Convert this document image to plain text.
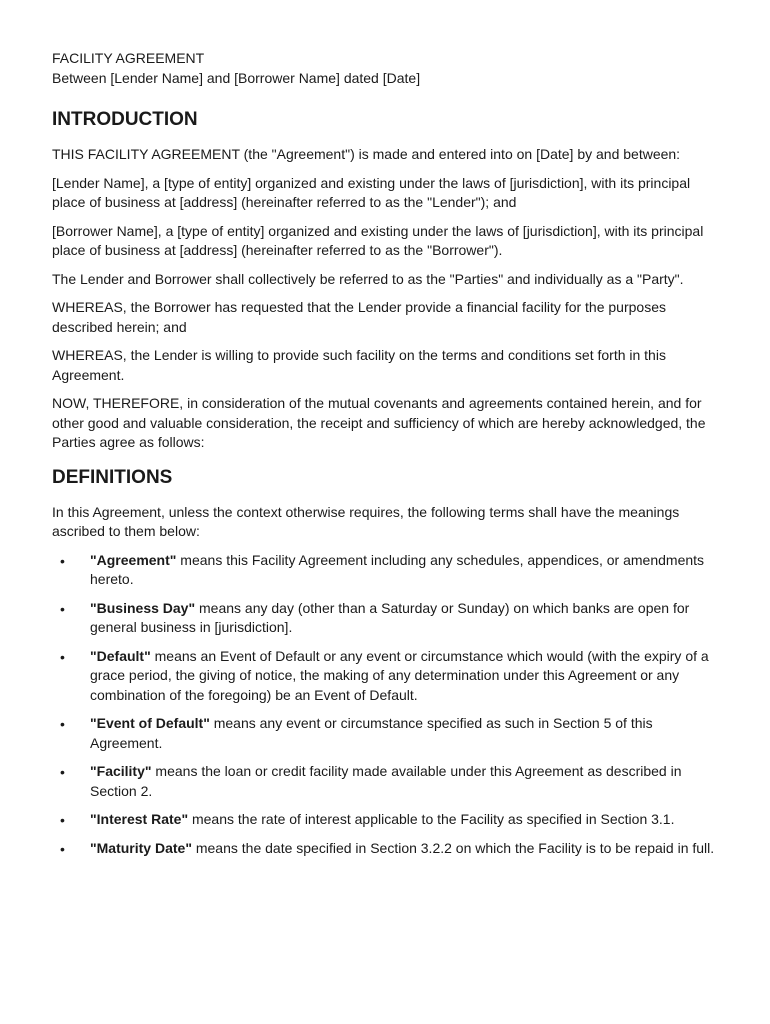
FACILITY AGREEMENT

Between [Lender Name] and [Borrower Name] dated [Date]

INTRODUCTION

THIS FACILITY AGREEMENT (the "Agreement") is made and entered into on [Date] by and between:

[Lender Name], a [type of entity] organized and existing under the laws of [jurisdiction], with its principal place of business at [address] (hereinafter referred to as the "Lender"); and

[Borrower Name], a [type of entity] organized and existing under the laws of [jurisdiction], with its principal place of business at [address] (hereinafter referred to as the "Borrower").

The Lender and Borrower shall collectively be referred to as the "Parties" and individually as a "Party".

WHEREAS, the Borrower has requested that the Lender provide a financial facility for the purposes described herein; and

WHEREAS, the Lender is willing to provide such facility on the terms and conditions set forth in this Agreement.

NOW, THEREFORE, in consideration of the mutual covenants and agreements contained herein, and for other good and valuable consideration, the receipt and sufficiency of which are hereby acknowledged, the Parties agree as follows:

DEFINITIONS

In this Agreement, unless the context otherwise requires, the following terms shall have the meanings ascribed to them below:

• "Agreement" means this Facility Agreement including any schedules, appendices, or amendments hereto.
• "Business Day" means any day (other than a Saturday or Sunday) on which banks are open for general business in [jurisdiction].
• "Default" means an Event of Default or any event or circumstance which would (with the expiry of a grace period, the giving of notice, the making of any determination under this Agreement or any combination of the foregoing) be an Event of Default.
• "Event of Default" means any event or circumstance specified as such in Section 5 of this Agreement.
• "Facility" means the loan or credit facility made available under this Agreement as described in Section 2.
• "Interest Rate" means the rate of interest applicable to the Facility as specified in Section 3.1.
• "Maturity Date" means the date specified in Section 3.2.2 on which the Facility is to be repaid in full.
